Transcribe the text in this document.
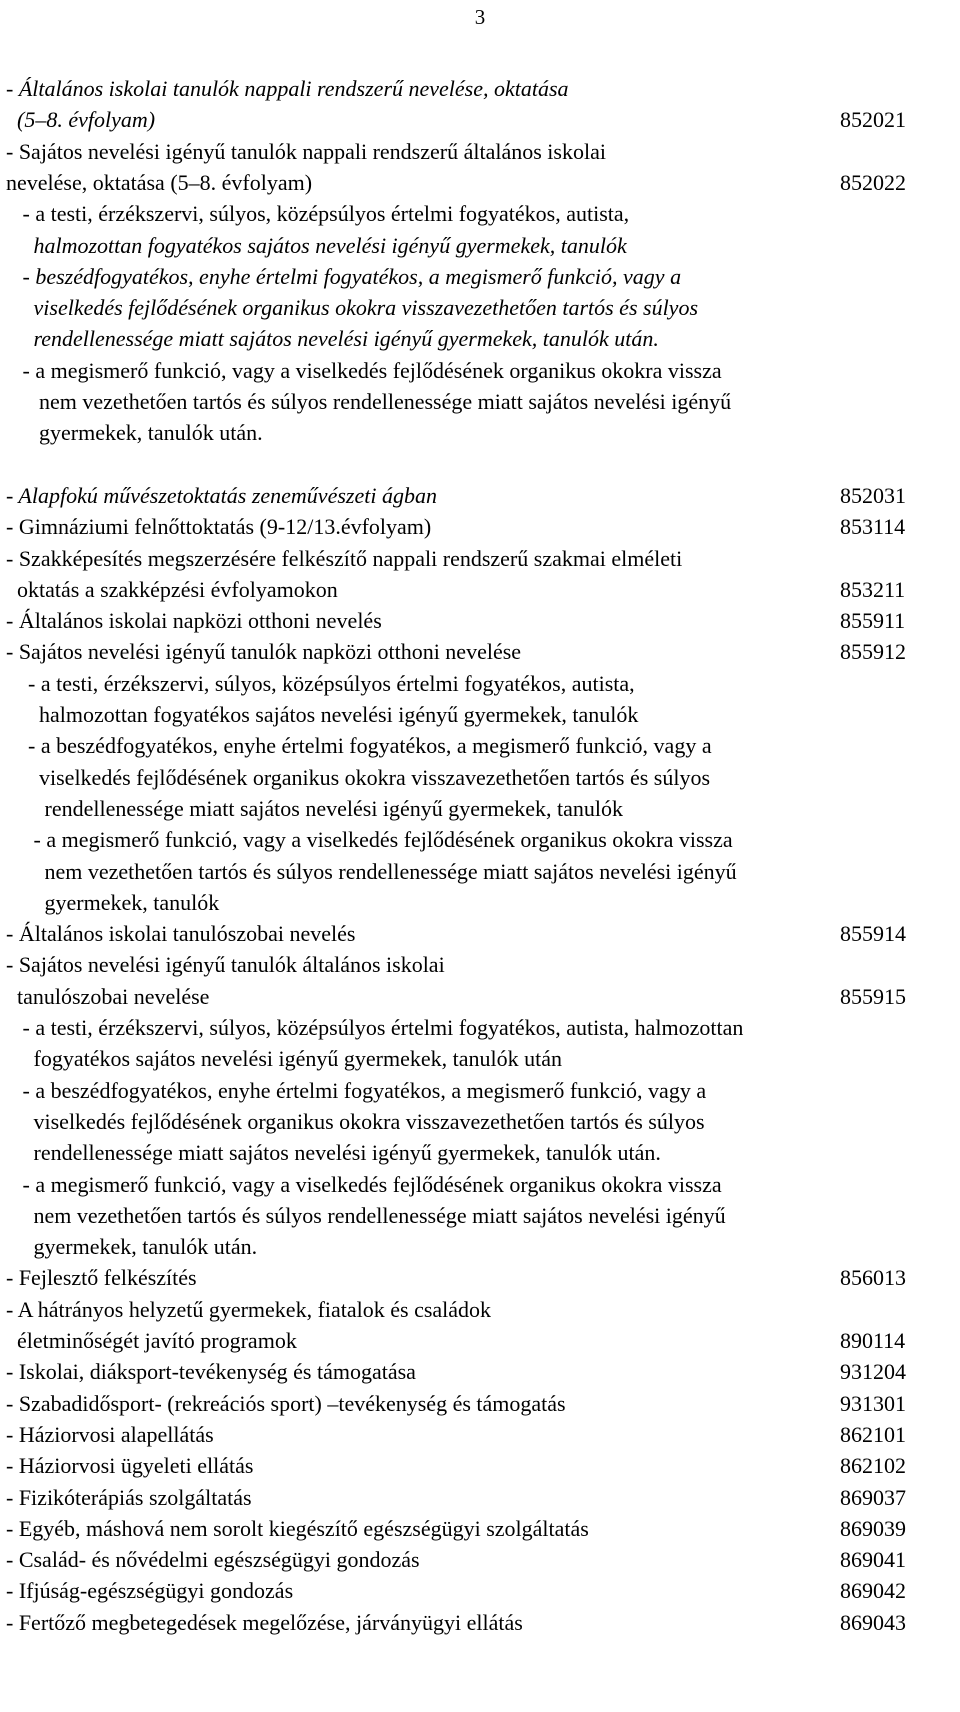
3
- Általános iskolai tanulók nappali rendszerű nevelése, oktatása
(5–8. évfolyam)	852021
- Sajátos nevelési igényű tanulók nappali rendszerű általános iskolai
nevelése, oktatása (5–8. évfolyam)	852022
- a testi, érzékszervi, súlyos, középsúlyos értelmi fogyatékos, autista,
halmozottan fogyatékos sajátos nevelési igényű gyermekek, tanulók
- beszédfogyatékos, enyhe értelmi fogyatékos, a megismerő funkció, vagy a
viselkedés fejlődésének organikus okokra visszavezethetően tartós és súlyos
rendellenessége miatt sajátos nevelési igényű gyermekek, tanulók után.
- a megismerő funkció, vagy a viselkedés fejlődésének organikus okokra vissza
nem vezethetően tartós és súlyos rendellenessége miatt sajátos nevelési igényű
gyermekek, tanulók után.
- Alapfokú művészetoktatás zeneművészeti ágban	852031
- Gimnáziumi felnőttoktatás (9-12/13.évfolyam)	853114
- Szakképesítés megszerzésére felkészítő nappali rendszerű szakmai elméleti
oktatás a szakképzési évfolyamokon	853211
- Általános iskolai napközi otthoni nevelés	855911
- Sajátos nevelési igényű tanulók napközi otthoni nevelése	855912
- a testi, érzékszervi, súlyos, középsúlyos értelmi fogyatékos, autista,
halmozottan fogyatékos sajátos nevelési igényű gyermekek, tanulók
- a beszédfogyatékos, enyhe értelmi fogyatékos, a megismerő funkció, vagy a
viselkedés fejlődésének organikus okokra visszavezethetően tartós és súlyos
rendellenessége miatt sajátos nevelési igényű gyermekek, tanulók
- a megismerő funkció, vagy a viselkedés fejlődésének organikus okokra vissza
nem vezethetően tartós és súlyos rendellenessége miatt sajátos nevelési igényű
gyermekek, tanulók
- Általános iskolai tanulószobai nevelés	855914
- Sajátos nevelési igényű tanulók általános iskolai
tanulószobai nevelése	855915
- a testi, érzékszervi, súlyos, középsúlyos értelmi fogyatékos, autista, halmozottan
fogyatékos sajátos nevelési igényű gyermekek, tanulók után
- a beszédfogyatékos, enyhe értelmi fogyatékos, a megismerő funkció, vagy a
viselkedés fejlődésének organikus okokra visszavezethetően tartós és súlyos
rendellenessége miatt sajátos nevelési igényű gyermekek, tanulók után.
- a megismerő funkció, vagy a viselkedés fejlődésének organikus okokra vissza
nem vezethetően tartós és súlyos rendellenessége miatt sajátos nevelési igényű
gyermekek, tanulók után.
- Fejlesztő felkészítés	856013
- A hátrányos helyzetű gyermekek, fiatalok és családok
életminőségét javító programok	890114
- Iskolai, diáksport-tevékenység és támogatása	931204
- Szabadidősport- (rekreációs sport) –tevékenység és támogatás	931301
- Háziorvosi alapellátás	862101
- Háziorvosi ügyeleti ellátás	862102
- Fizikóterápiás szolgáltatás	869037
- Egyéb, máshová nem sorolt kiegészítő egészségügyi szolgáltatás	869039
- Család- és nővédelmi egészségügyi gondozás	869041
- Ifjúság-egészségügyi gondozás	869042
- Fertőző megbetegedések megelőzése, járványügyi ellátás	869043
